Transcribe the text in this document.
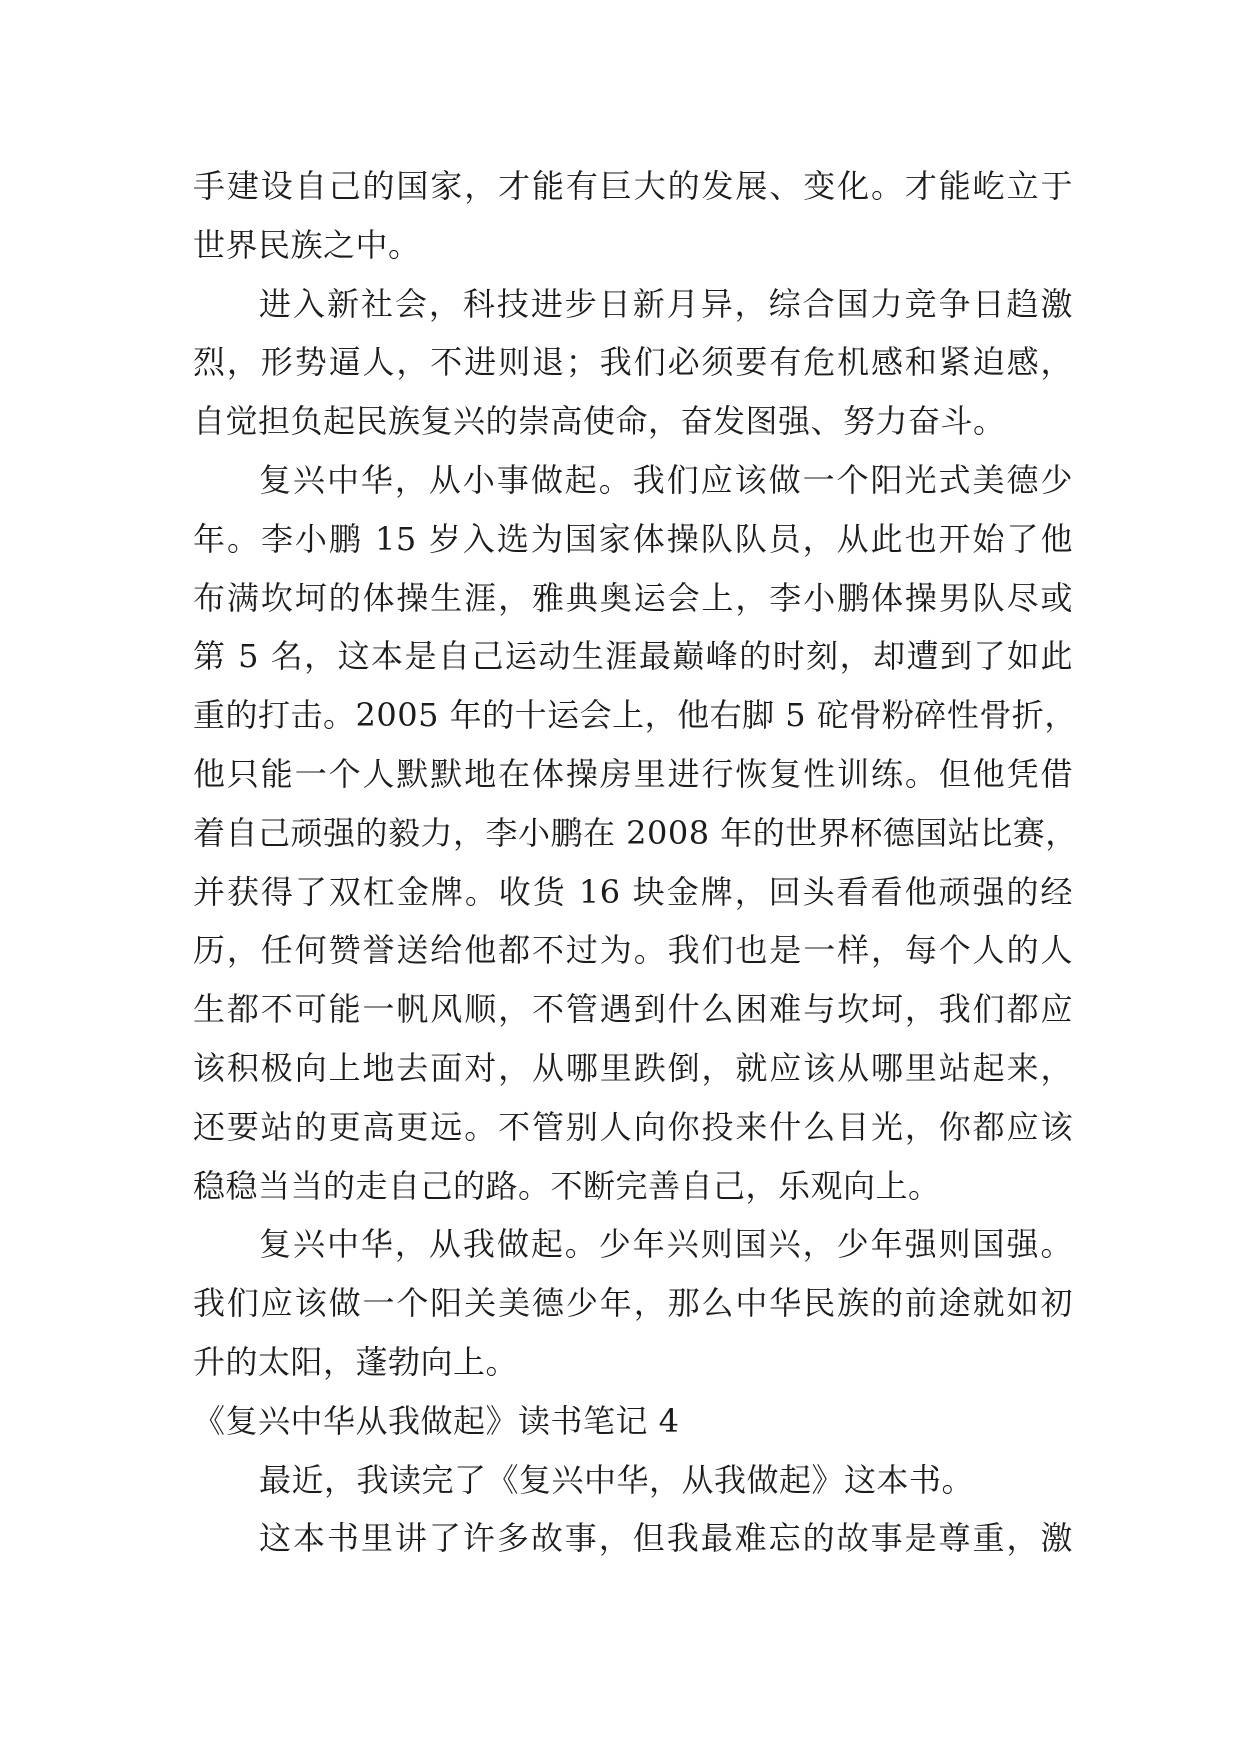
手建设自己的国家，才能有巨大的发展、变化。才能屹立于
世界民族之中。
进入新社会，科技进步日新月异，综合国力竞争日趋激
烈，形势逼人，不进则退；我们必须要有危机感和紧迫感，
自觉担负起民族复兴的崇高使命，奋发图强、努力奋斗。
复兴中华，从小事做起。我们应该做一个阳光式美德少
年。李小鹏 15 岁入选为国家体操队队员，从此也开始了他
布满坎坷的体操生涯，雅典奥运会上，李小鹏体操男队尽或
第 5 名，这本是自己运动生涯最巅峰的时刻，却遭到了如此
重的打击。2005 年的十运会上，他右脚 5 砣骨粉碎性骨折，
他只能一个人默默地在体操房里进行恢复性训练。但他凭借
着自己顽强的毅力，李小鹏在 2008 年的世界杯德国站比赛，
并获得了双杠金牌。收货 16 块金牌，回头看看他顽强的经
历，任何赞誉送给他都不过为。我们也是一样，每个人的人
生都不可能一帆风顺，不管遇到什么困难与坎坷，我们都应
该积极向上地去面对，从哪里跌倒，就应该从哪里站起来，
还要站的更高更远。不管别人向你投来什么目光，你都应该
稳稳当当的走自己的路。不断完善自己，乐观向上。
复兴中华，从我做起。少年兴则国兴，少年强则国强。
我们应该做一个阳关美德少年，那么中华民族的前途就如初
升的太阳，蓬勃向上。
《复兴中华从我做起》读书笔记 4
最近，我读完了《复兴中华，从我做起》这本书。
这本书里讲了许多故事，但我最难忘的故事是尊重，激
